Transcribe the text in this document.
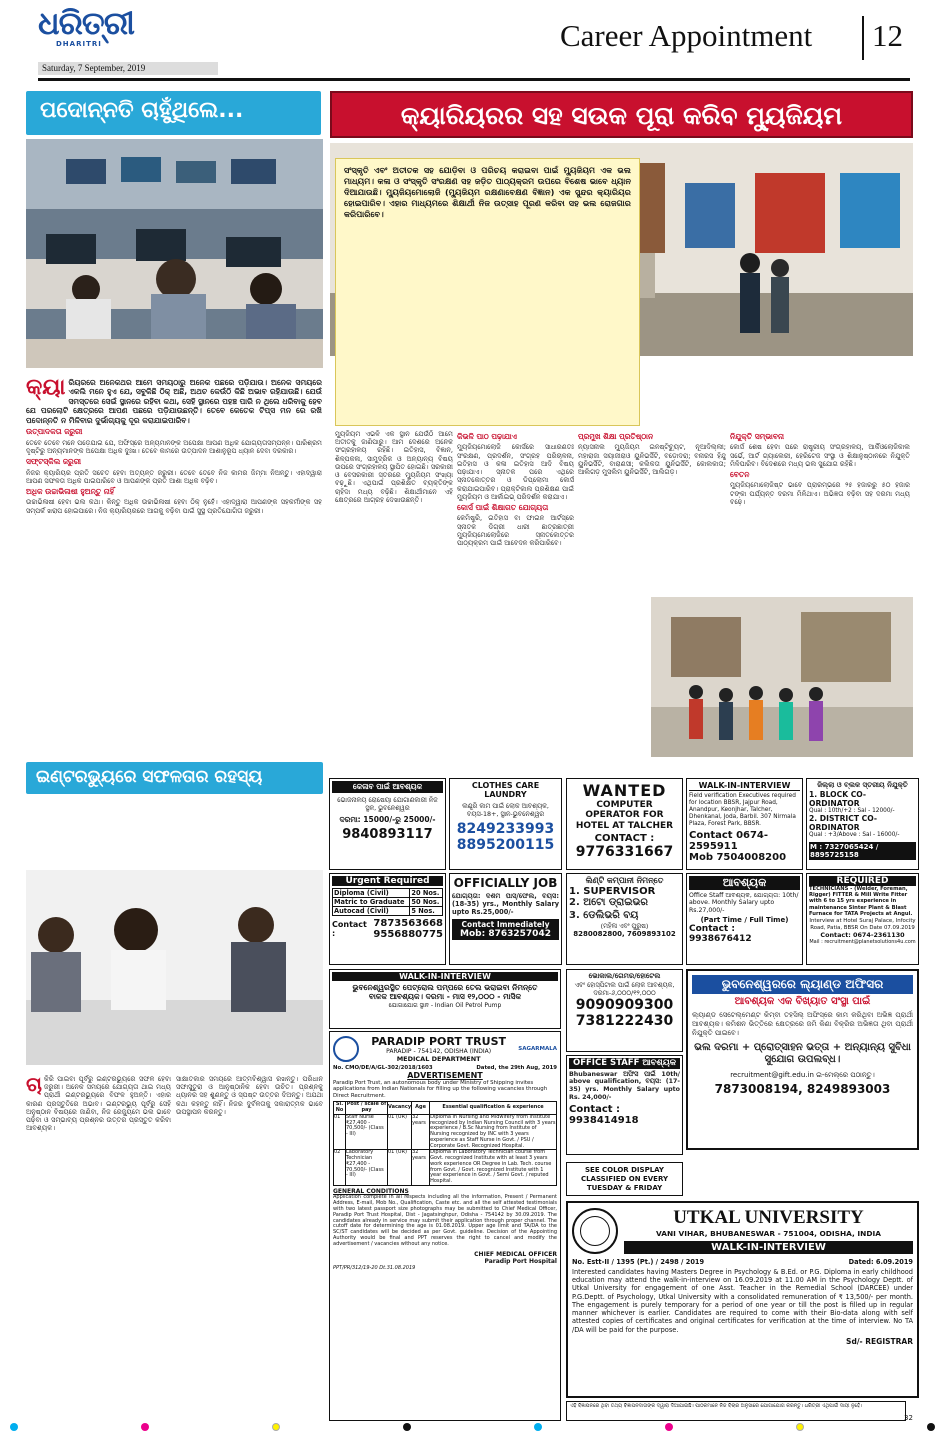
ଧରିତ୍ରୀ
DHARITRI
Saturday, 7 September, 2019
Career Appointment 12
ପଦୋନ୍ନତି ଚାହୁଁଥିଲେ...

କ୍ୟା ରିୟରରେ ଅନେକଥର ଆମେ ସମୟଠାରୁ ଅନେକ ପଛରେ ପଡ଼ିଯାଉ। ଅନେକ ସମୟରେ ଏକଲି ମନେ ହୁଏ ଯେ, ସବୁକିଛି ଠିକ୍ ଅଛି, ଅଥଚ କେଉଁଠି କିଛି ଅଭାବ ରହିଯାଉଛି। ଯେଉଁ ସମସ୍ତରେ ସେଇଁ ସ୍ଥାନରେ ରହିବା କଥା, ସେହି ସ୍ଥାନରେ ପହଞ୍ଚ ପାରି ନ ଥିଲେ ଧରିବାକୁ ହେବ ଯେ ପରଲୋଟି କ୍ଷେତ୍ରରେ ଆପଣ ପଛରେ ପଡ଼ିଯାଉଛନ୍ତି। ତେବେ କେତେକ ଟିପ୍ସ ମନ ରେ ରଖି ପଦୋନ୍ନତି ନ ମିଳିବାର ଦୁର୍ଭାଗ୍ୟକୁ ଦୂର କରାଯାଇପାରିବ।

ଉତ୍ପାଦକତା ଜରୁରୀ

ତେବେ ତେବେ ମନେ ପଡ଼େଯାଇ ଯେ, ଅଫିସ୍‌ରେ ଅନ୍ୟମାନଙ୍କ ଅପେକ୍ଷା ଆପଣ ଅଧିକ ଯୋଗ୍ୟତାସମ୍ପନ୍ନ। ପାରିଶ୍ରମ ଦୃଷ୍ଟିରୁ ଅନ୍ୟମାନଙ୍କ ଅପେକ୍ଷା ଅଧିକ ଦୁଃଖ। ତେବେ କାମରେ ଉତ୍ପାଦନ ଆଶାନୁରୂପ ଧ୍ୟାନ ଦେବା ଦରକାର।

ସଫ୍ଟସ୍କିଲ ଜରୁରୀ

ନିଜର କ୍ୟାରିୟର ପ୍ରତି ସଚେତ ହେବା ଅତ୍ୟନ୍ତ ଜରୁରୀ। ତେବେ ତେବେ ନିଜ କାମର ଜିମ୍ମା ନିଅନ୍ତୁ। ଏହାଦ୍ୱାରା ଆପଣ ସଫଳତା ଅଧିକ ପାଇପାରିବେ ଓ ଆପଣଙ୍କ ପ୍ରତି ଆଶା ଅଧିକ ବଢ଼ିବ।

ଅଧିକ ଉଚ୍ଚାଭିଳାଷୀ ହୁଅନ୍ତୁ ନାହିଁ

ଉଚ୍ଚାଭିଳାଷୀ ହେବା ଭଲ କଥା। କିନ୍ତୁ ଅଧିକ ଉଚ୍ଚାଭିଳାଷୀ ହେବା ଠିକ୍ ନୁହେଁ। ଏହାଦ୍ୱାରା ଆପଣଙ୍କ ସହକର୍ମୀଙ୍କ ସହ ସମ୍ପର୍କ ଖରାପ ହୋଇପାରେ। ନିଜ କ୍ୟାରିୟରରେ ଆଗକୁ ବଢ଼ିବା ପାଇଁ ସୁସ୍ଥ ପ୍ରତିଯୋଗିତା ଜରୁରୀ।

କ୍ୟାରିୟରର ସହ ସଉକ ପୂରା କରିବ ମ୍ୟୁଜିୟମ
ସଂସ୍କୃତି ଏବଂ ଅତୀତକ ସହ ଯୋଡ଼ିବା ଓ ପରିଚୟ କରାଇବା ପାଇଁ ମ୍ୟୁଜିୟମ ଏକ ଭଲ ମାଧ୍ୟମ। କଳା ଓ ସଂସ୍କୃତି ସଂରକ୍ଷଣ ସହ ଜଡ଼ିତ ପାଠ୍ୟକ୍ରମ ଉପରେ ବିଶେଷ ଭାବେ ଧ୍ୟାନ ଦିଆଯାଉଛି। ମ୍ୟୁଜିୟମୋଲୋଜି (ମ୍ୟୁଜିୟମ ରକ୍ଷଣାବେକ୍ଷଣ ବିଜ୍ଞାନ) ଏକ ସୁନ୍ଦର କ୍ୟାରିୟର ହୋଇପାରିବ। ଏହାର ମାଧ୍ୟମରେ ଶିକ୍ଷାର୍ଥୀ ନିଜ ଉତ୍ସାହ ପୂରଣ କରିବା ସହ ଭଲ ରୋଜଗାର କରିପାରିବେ।

ମ୍ୟୁଜିୟମ ଏଭଳି ଏକ ସ୍ଥାନ ଯେଉଁଠି ଆମେ ଅତୀତକୁ ଜାଣିପାରୁ। ଆମ ଦେଶରେ ଅନେକ ସଂଗ୍ରହାଳୟ ରହିଛି। ଇତିହାସ, ବିଜ୍ଞାନ, ଶିଳ୍ପକଳା, ସାମୁଦ୍ରିକ ଓ ଅନ୍ୟାନ୍ୟ ବିଷୟ ଉପରେ ସଂଗ୍ରହାଳୟ ସ୍ଥାପିତ ହୋଇଛି। ସରକାରୀ ଓ ବେସରକାରୀ ସ୍ତରରେ ମ୍ୟୁଜିୟମ ସଂଖ୍ୟା ବଢ଼ୁଛି। ଏଥିପାଇଁ ପ୍ରଶିକ୍ଷିତ ବ୍ୟକ୍ତିଙ୍କ ଚାହିଦା ମଧ୍ୟ ବଢ଼ିଛି। ଶିକ୍ଷାର୍ଥୀମାନେ ଏହି କ୍ଷେତ୍ରରେ ଆଗ୍ରହ ଦେଖାଉଛନ୍ତି।

କିଭଳି ପାଠ ପଢ଼ାଯାଏ

ମ୍ୟୁଜିୟମୋଲୋଜି କୋର୍ସରେ ସାଧାରଣତଃ ସଂରକ୍ଷଣ, ପ୍ରଦର୍ଶନ, ସଂଗ୍ରହ ପରିଚାଳନା, ଇତିହାସ ଓ କଳା ଇତିହାସ ଆଦି ବିଷୟ ପଢ଼ାଯାଏ। ସ୍ନାତକ ପରେ ଏଥିରେ ସ୍ନାତକୋତ୍ତର ଓ ଡିପ୍ଲୋମା କୋର୍ସ କରାଯାଇପାରିବ। ପ୍ରାକ୍ଟିକାଲ ପ୍ରଶିକ୍ଷଣ ପାଇଁ ମ୍ୟୁଜିୟମ ଓ ଆର୍କାଇଭ୍ ପରିଦର୍ଶନ କରାଯାଏ।

କୋର୍ସ ପାଇଁ ଶିକ୍ଷାଗତ ଯୋଗ୍ୟତା

କେମିଷ୍ଟ୍ରି, ଇତିହାସ ବା ଫାଇନ ଆର୍ଟସ୍‌ରେ ସ୍ନାତକ ଡିଗ୍ରୀ ଧାରୀ ଛାତ୍ରଛାତ୍ରୀ ମ୍ୟୁଜିୟମୋଲୋଜିରେ ସ୍ନାତକୋତ୍ତର ପାଠ୍ୟକ୍ରମ ପାଇଁ ଆବେଦନ କରିପାରିବେ।

ପ୍ରମୁଖ ଶିକ୍ଷା ପ୍ରତିଷ୍ଠାନ

ନ୍ୟାସନାଲ ମ୍ୟୁଜିୟମ ଇନଷ୍ଟିଚ୍ୟୁଟ, ନୂଆଦିଲ୍ଲୀ; ମହାରାଜା ସୟାଜୀରାଓ ୟୁନିଭର୍ସିଟି, ବଡ଼ୋଦରା; ବନାରସ ହିନ୍ଦୁ ୟୁନିଭର୍ସିଟି, ବାରାଣସୀ; କଲିକତା ୟୁନିଭର୍ସିଟି, କୋଲକାତା; ଆଲିଗଡ଼ ମୁସଲିମ ୟୁନିଭର୍ସିଟି, ଆଲିଗଡ଼।

ନିଯୁକ୍ତି ସମ୍ଭାବନା

କୋର୍ସ ଶେଷ ହେବା ପରେ ରାଷ୍ଟ୍ରୀୟ ସଂଗ୍ରହାଳୟ, ଆର୍କିଓଲୋଜିକାଲ ସର୍ଭେ, ଆର୍ଟ ଗ୍ୟାଲେରୀ, ହେରିଟେଜ ସଂସ୍ଥା ଓ ଶିକ୍ଷାନୁଷ୍ଠାନରେ ନିଯୁକ୍ତି ମିଳିପାରିବ। ବିଦେଶରେ ମଧ୍ୟ ଭଲ ସୁଯୋଗ ରହିଛି।

ବେତନ

ମ୍ୟୁଜିୟମୋଲୋଜିଷ୍ଟ ଭାବେ ପ୍ରାରମ୍ଭରେ ୨୫ ହଜାରରୁ ୫୦ ହଜାର ଟଙ୍କା ପର୍ଯ୍ୟନ୍ତ ଦରମା ମିଳିଥାଏ। ଅଭିଜ୍ଞତା ବଢ଼ିବା ସହ ଦରମା ମଧ୍ୟ ବଢ଼େ।

ଇଣ୍ଟରଭ୍ୟୁରେ ସଫଳତାର ରହସ୍ୟ

ଚାକିରି ପାଇବା ପୂର୍ବରୁ ଇଣ୍ଟରଭ୍ୟୁରେ ସଫଳ ହେବା ଜରୁରୀ। ଅନେକ ସମୟରେ ଯୋଗ୍ୟତା ଥାଇ ମଧ୍ୟ ପ୍ରାର୍ଥୀ ଇଣ୍ଟରଭ୍ୟୁରେ ବିଫଳ ହୁଅନ୍ତି। ଏହାର କାରଣ ପ୍ରସ୍ତୁତିରେ ଅଭାବ। ଇଣ୍ଟରଭ୍ୟୁ ପୂର୍ବରୁ ସେହି ଅନୁଷ୍ଠାନ ବିଷୟରେ ଜାଣିବା, ନିଜ ରେଜ୍ୟୁମେ ଭଲ ଭାବେ ପଢ଼ିବା ଓ ସମ୍ଭାବ୍ୟ ପ୍ରଶ୍ନର ଉତ୍ତର ପ୍ରସ୍ତୁତ କରିବା ଆବଶ୍ୟକ।

ସାକ୍ଷାତକାର ସମୟରେ ଆତ୍ମବିଶ୍ୱାସ ରଖନ୍ତୁ। ପରିଧାନ ସଫାସୁତୁରା ଓ ଆନୁଷ୍ଠାନିକ ହେବା ଉଚିତ। ପ୍ରଶ୍ନକୁ ଧ୍ୟାନର ସହ ଶୁଣନ୍ତୁ ଓ ସ୍ପଷ୍ଟ ଉତ୍ତର ଦିଅନ୍ତୁ। ଅଯଥା କଥା କହନ୍ତୁ ନାହିଁ। ନିଜର ଦୁର୍ବଳତାକୁ ସକାରାତ୍ମକ ଭାବେ ଉପସ୍ଥାପନ କରନ୍ତୁ।

କେଳାବ ପାଇଁ ଆବଶ୍ୟକ
ଭୋଜନାଳୟ ରୋଷେୟା ଯୋଗାଣକାରୀ ନିଜ ସ୍ଥଳ, ଭୁବନେଶ୍ୱର
ଦରମା: 15000/-ରୁ 25000/-
9840893117
CLOTHES CARE LAUNDRY
ଲଣ୍ଡ୍ରି କାମ ପାଇଁ ଲୋକ ଆବଶ୍ୟକ, ବୟସ-18+, ସ୍ଥାନ-ଭୁବନେଶ୍ୱର
8249233993
8895200115
WANTED
COMPUTER OPERATOR FOR HOTEL AT TALCHER
CONTACT :
9776331667
WALK-IN-INTERVIEW
Field verification Executives required for location BBSR, Jajpur Road, Anandpur, Keonjhar, Talcher, Dhenkanal, Joda, Barbil. 307 Nirmala Plaza, Forest Park, BBSR.
Contact 0674-2595911
Mob 7504008200
ଜିଲ୍ଲା ଓ ବ୍ଲକ ସ୍ତରୀୟ ନିଯୁକ୍ତି
1. BLOCK CO-ORDINATOR
Qual : 10th/+2 : Sal - 12000/-
2. DISTRICT CO-ORDINATOR
Qual : +3/Above : Sal - 16000/-
M : 7327065424 / 8895725158
Urgent Required
Diploma (Civil)	20 Nos.
Matric to Graduate	50 Nos.
Autocad (Civil)	5 Nos.
Contact :
7873563668
9556880775
OFFICIALLY JOB
ଯୋଗ୍ୟତା: ଦଶମ ପାସ୍/ଫେଲ, ବୟସ: (18-35) yrs., Monthly Salary upto Rs.25,000/-
Contact Immediately
Mob: 8763257042
ଲିଣ୍ଟି କମ୍ପାନୀ ନିମନ୍ତେ
1. SUPERVISOR
2. ଅଟୋ ଡ୍ରାଇଭର
3. ଡେଲିଭରି ବୟ
(ମହିଳା ଏବଂ ପୁରୁଷ)
8280082800, 7609893102
ଆବଶ୍ୟକ
Office Staff ଆବଶ୍ୟକ, ଯୋଗ୍ୟତା: 10th/ above. Monthly Salary upto Rs.27,000/-
(Part Time / Full Time)
Contact : 9938676412
REQUIRED
TECHNICIANS - (Welder, Foreman, Rigger) FITTER & Mill Write Fitter with 6 to 15 yrs experience in maintenance Sinter Plant & Blast Furnace for TATA Projects at Angul.
Interview at Hotel Suraj Palace, Infocity Road, Patia, BBSR On Date 07.09.2019
Contact: 0674-2361130
Mail : recruitment@planetsolutions4u.com
WALK-IN-INTERVIEW
ଭୁବନେଶ୍ୱରସ୍ଥିତ ପେଟ୍ରୋଲ ପମ୍ପରେ ତେଲ ଭରାଇବା ନିମନ୍ତେ
ବାଳକ ଆବଶ୍ୟକ। ଦରମା - ମାସ ୧୨,୦୦୦ - ମାସିକ
ଯୋଗାଯୋଗ ସ୍ଥାନ - Indian Oil Petrol Pump
ଭୋକାଲ/ଗେମର/ହୋଟେଲ
ଏବଂ ହୋସ୍ପିଟାଲ ପାଇଁ ଲୋକ ଆବଶ୍ୟକ, ଦରମା-୬,୦୦୦/୧୨,୦୦୦
9090909300
7381222430
ଭୁବନେଶ୍ୱରରେ ଲ୍ୟାଣ୍ଡ ଅଫିସର
ଆବଶ୍ୟକ ଏକ ବିଖ୍ୟାତ ସଂସ୍ଥା ପାଇଁ
ଲ୍ୟାଣ୍ଡ ସେଟେଲ୍‌ମେଣ୍ଟ କିମ୍ବା ତହସିଲ୍ ଅଫିସ୍‌ରେ କାମ କରିଥିବା ଅଭିଜ୍ଞ ପ୍ରାର୍ଥୀ ଆବଶ୍ୟକ। କମିଶନ ଭିତ୍ତିରେ କ୍ଷେତ୍ରରେ ଜମି କିଣା ବିକ୍ରିର ଅଭିଜ୍ଞତା ଥିବା ପ୍ରାର୍ଥୀ ନିଯୁକ୍ତି ପାଇବେ।
ଭଲ ଦରମା + ପ୍ରୋତ୍ସାହନ ଭତ୍ତା + ଅନ୍ୟାନ୍ୟ ସୁବିଧା ସୁଯୋଗ ଉପଲବ୍ଧ।
recruitment@gift.edu.in ଇ-ମେଲ୍‌ରେ ପଠାନ୍ତୁ।
7873008194, 8249893003
PARADIP PORT TRUST
PARADIP - 754142, ODISHA (INDIA)
MEDICAL DEPARTMENT
SAGARMALA
No. CMO/DE/A/GL-302/2018/1603	Dated, the 29th Aug, 2019
ADVERTISEMENT
Paradip Port Trust, an autonomous body under Ministry of Shipping invites applications from Indian Nationals for filling up the following vacancies through Direct Recruitment.
Sl. No	Post / scale of pay	Vacancy	Age	Essential qualification & experience
01	Staff Nurse ₹27,400 - 70,500/- (Class - III)	01 (UR)	32 years	Diploma in Nursing and Midwifery from institute recognized by Indian Nursing Council with 3 years experience / B.Sc Nursing from Institute of Nursing recognized by INC with 3 years experience as Staff Nurse in Govt. / PSU / Corporate Govt. Recognized Hospital.
02	Laboratory Technician ₹27,400 - 70,500/- (Class - III)	01 (UR)	32 years	Diploma in Laboratory Technician course from Govt. recognized Institute with at least 3 years work experience OR Degree in Lab. Tech. course from Govt. / Govt. recognized Institute with 1 year experience in Govt. / Semi Govt. / reputed Hospital.
GENERAL CONDITIONS
Application complete in all respects including all the information, Present / Permanent Address, E-mail, Mob No., Qualification, Caste etc. and all the self attested testimonials with two latest passport size photographs may be submitted to Chief Medical Officer, Paradip Port Trust Hospital, Dist - Jagatsinghpur, Odisha - 754142 by 30.09.2019. The candidates already in service may submit their application through proper channel. The cutoff date for determining the age is 01.08.2019. Upper age limit and TA/DA to the SC/ST candidates will be decided as per Govt. guideline. Decision of the Appointing Authority would be final and PPT reserves the right to cancel and modify the advertisement / vacancies without any notice.
CHIEF MEDICAL OFFICER
Paradip Port Hospital
PPT/PR/312/19-20 Dt.31.08.2019
OFFICE STAFF ଆବଶ୍ୟକ
Bhubaneswar ଅଫିସ ପାଇଁ 10th/ above qualification, ବୟସ: (17-35) yrs. Monthly Salary upto Rs. 24,000/-
Contact : 9938414918
SEE COLOR DISPLAY CLASSIFIED ON EVERY TUESDAY & FRIDAY
UTKAL UNIVERSITY
VANI VIHAR, BHUBANESWAR - 751004, ODISHA, INDIA
WALK-IN-INTERVIEW
No. Estt-II / 1395 (Pt.) / 2498 / 2019	Dated: 6.09.2019
Interested candidates having Masters Degree in Psychology & B.Ed. or P.G. Diploma in early childhood education may attend the walk-in-interview on 16.09.2019 at 11.00 AM in the Psychology Deptt. of Utkal University for engagement of one Asst. Teacher in the Remedial School (DARCEE) under P.G.Deptt. of Psychology, Utkal University with a consolidated remuneration of ₹ 13,500/- per month. The engagement is purely temporary for a period of one year or till the post is filled up in regular manner whichever is earlier. Candidates are required to come with their Bio-data along with self attested copies of certificates and original certificates for verification at the time of interview. No TA /DA will be paid for the purpose.
Sd/- REGISTRAR
ଏହି ବିଜ୍ଞାପନରେ ଥିବା ତଥ୍ୟ ବିଜ୍ଞାପନଦାତାଙ୍କ ଦ୍ୱାରା ଦିଆଯାଇଛି। ପାଠକମାନେ ନିଜ ବିଚାର ଅନୁସାରେ ଯୋଗାଯୋଗ କରନ୍ତୁ। ଧରିତ୍ରୀ ଏଥିପାଇଁ ଦାୟୀ ନୁହେଁ।
32
